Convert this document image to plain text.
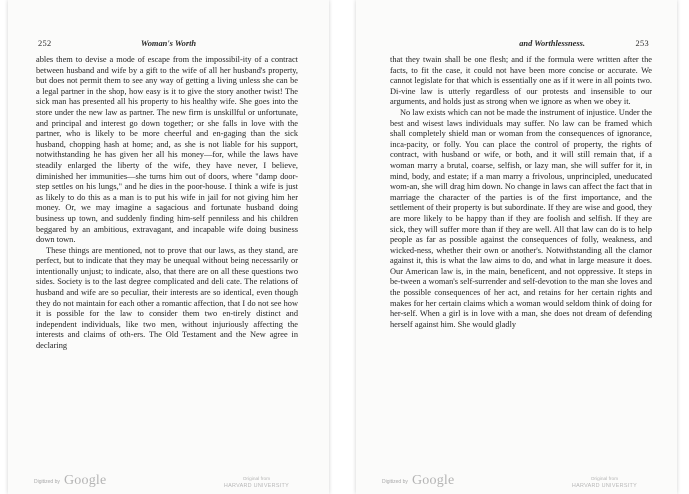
252	Woman's Worth

ables them to devise a mode of escape from the impossibil-ity of a contract between husband and wife by a gift to the wife of all her husband's property, but does not permit them to see any way of getting a living unless she can be a legal partner in the shop, how easy is it to give the story another twist! The sick man has presented all his property to his healthy wife. She goes into the store under the new law as partner. The new firm is unskillful or unfortunate, and principal and interest go down together; or she falls in love with the partner, who is likely to be more cheerful and en-gaging than the sick husband, chopping hash at home; and, as she is not liable for his support, notwithstanding he has given her all his money—for, while the laws have steadily enlarged the liberty of the wife, they have never, I believe, diminished her immunities—she turns him out of doors, where "damp door-step settles on his lungs," and he dies in the poor-house. I think a wife is just as likely to do this as a man is to put his wife in jail for not giving him her money. Or, we may imagine a sagacious and fortunate husband doing business up town, and suddenly finding him-self penniless and his children beggared by an ambitious, extravagant, and incapable wife doing business down town.

These things are mentioned, not to prove that our laws, as they stand, are perfect, but to indicate that they may be unequal without being necessarily or intentionally unjust; to indicate, also, that there are on all these questions two sides. Society is to the last degree complicated and deli cate. The relations of husband and wife are so peculiar, their interests are so identical, even though they do not maintain for each other a romantic affection, that I do not see how it is possible for the law to consider them two en-tirely distinct and independent individuals, like two men, without injuriously affecting the interests and claims of oth-ers. The Old Testament and the New agree in declaring

Digitized by Google	Original from
HARVARD UNIVERSITY
and Worthlessness.	253

that they twain shall be one flesh; and if the formula were written after the facts, to fit the case, it could not have been more concise or accurate. We cannot legislate for that which is essentially one as if it were in all points two. Di-vine law is utterly regardless of our protests and insensible to our arguments, and holds just as strong when we ignore as when we obey it.

No law exists which can not be made the instrument of injustice. Under the best and wisest laws individuals may suffer. No law can be framed which shall completely shield man or woman from the consequences of ignorance, inca-pacity, or folly. You can place the control of property, the rights of contract, with husband or wife, or both, and it will still remain that, if a woman marry a brutal, coarse, selfish, or lazy man, she will suffer for it, in mind, body, and estate; if a man marry a frivolous, unprincipled, uneducated wom-an, she will drag him down. No change in laws can affect the fact that in marriage the character of the parties is of the first importance, and the settlement of their property is but subordinate. If they are wise and good, they are more likely to be happy than if they are foolish and selfish. If they are sick, they will suffer more than if they are well. All that law can do is to help people as far as possible against the consequences of folly, weakness, and wicked-ness, whether their own or another's. Notwithstanding all the clamor against it, this is what the law aims to do, and what in large measure it does. Our American law is, in the main, beneficent, and not oppressive. It steps in be-tween a woman's self-surrender and self-devotion to the man she loves and the possible consequences of her act, and retains for her certain rights and makes for her certain claims which a woman would seldom think of doing for her-self. When a girl is in love with a man, she does not dream of defending herself against him. She would gladly

Digitized by Google	Original from
HARVARD UNIVERSITY
